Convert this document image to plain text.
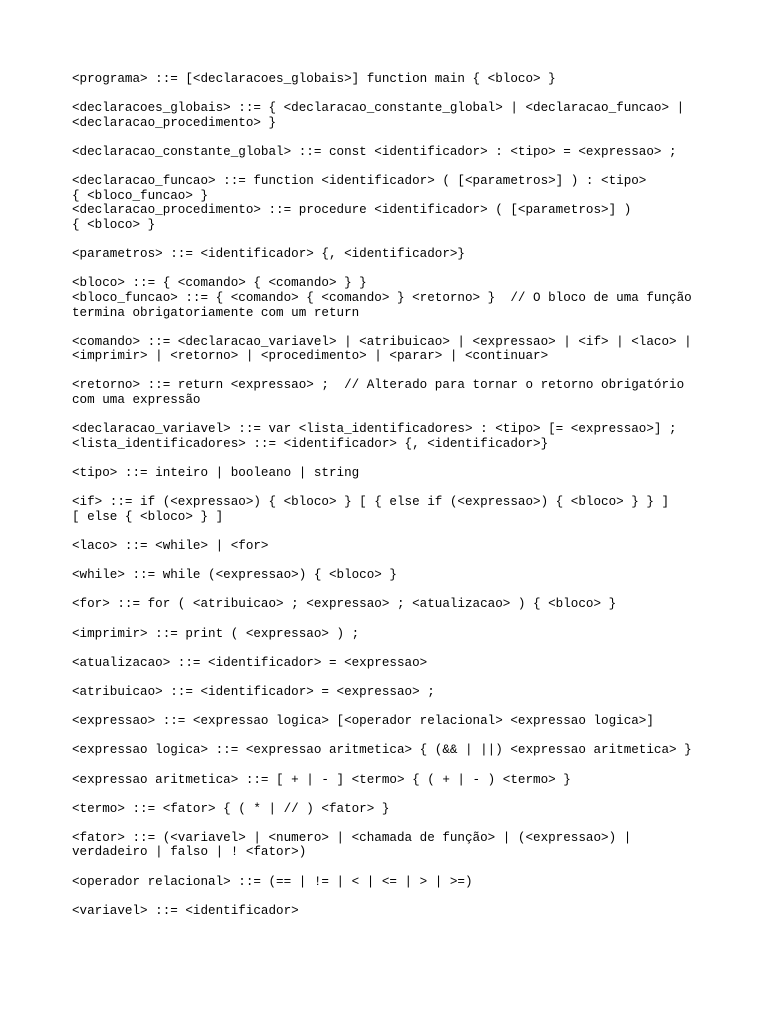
<programa> ::= [<declaracoes_globais>] function main { <bloco> }
<declaracoes_globais> ::= { <declaracao_constante_global> | <declaracao_funcao> |
<declaracao_procedimento> }
<declaracao_constante_global> ::= const <identificador> : <tipo> = <expressao> ;
<declaracao_funcao> ::= function <identificador> ( [<parametros>] ) : <tipo>
{ <bloco_funcao> }
<declaracao_procedimento> ::= procedure <identificador> ( [<parametros>] )
{ <bloco> }
<parametros> ::= <identificador> {, <identificador>}
<bloco> ::= { <comando> { <comando> } }
<bloco_funcao> ::= { <comando> { <comando> } <retorno> }  // O bloco de uma função
termina obrigatoriamente com um return
<comando> ::= <declaracao_variavel> | <atribuicao> | <expressao> | <if> | <laco> |
<imprimir> | <retorno> | <procedimento> | <parar> | <continuar>
<retorno> ::= return <expressao> ;  // Alterado para tornar o retorno obrigatório
com uma expressão
<declaracao_variavel> ::= var <lista_identificadores> : <tipo> [= <expressao>] ;
<lista_identificadores> ::= <identificador> {, <identificador>}
<tipo> ::= inteiro | booleano | string
<if> ::= if (<expressao>) { <bloco> } [ { else if (<expressao>) { <bloco> } } ]
[ else { <bloco> } ]
<laco> ::= <while> | <for>
<while> ::= while (<expressao>) { <bloco> }
<for> ::= for ( <atribuicao> ; <expressao> ; <atualizacao> ) { <bloco> }
<imprimir> ::= print ( <expressao> ) ;
<atualizacao> ::= <identificador> = <expressao>
<atribuicao> ::= <identificador> = <expressao> ;
<expressao> ::= <expressao logica> [<operador relacional> <expressao logica>]
<expressao logica> ::= <expressao aritmetica> { (&& | ||) <expressao aritmetica> }
<expressao aritmetica> ::= [ + | - ] <termo> { ( + | - ) <termo> }
<termo> ::= <fator> { ( * | // ) <fator> }
<fator> ::= (<variavel> | <numero> | <chamada de função> | (<expressao>) |
verdadeiro | falso | ! <fator>)
<operador relacional> ::= (== | != | < | <= | > | >=)
<variavel> ::= <identificador>
